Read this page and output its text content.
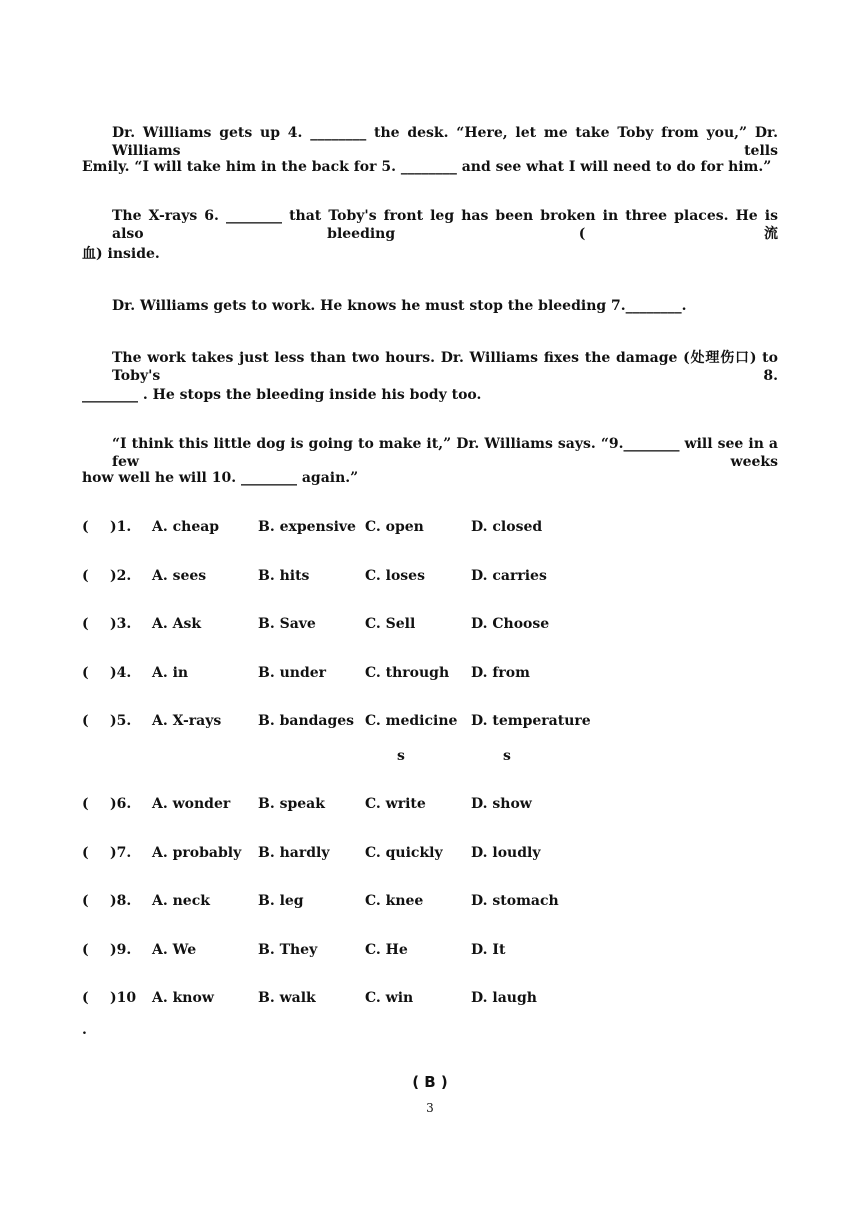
Dr. Williams gets up 4. ________ the desk. “Here, let me take Toby from you,” Dr. Williams tells
Emily. “I will take him in the back for 5. ________ and see what I will need to do for him.”
The X-rays 6. ________ that Toby's front leg has been broken in three places. He is also bleeding (流
血) inside.
Dr. Williams gets to work. He knows he must stop the bleeding 7.________.
The work takes just less than two hours. Dr. Williams fixes the damage (处理伤口) to Toby's 8.
________ . He stops the bleeding inside his body too.
“I think this little dog is going to make it,” Dr. Williams says. “9.________ will see in a few weeks
how well he will 10. ________ again.”
( )1. A. cheap	B. expensive C. open	D. closed
( )2. A. sees	B. hits	C. loses	D. carries
( )3. A. Ask	B. Save	C. Sell	D. Choose
( )4. A. in	B. under	C. through D. from
( )5. A. X-rays	B. bandages C. medicine D. temperature
s	s
( )6. A. wonder B. speak	C. write	D. show
( )7. A. probably B. hardly	C. quickly D. loudly
( )8. A. neck	B. leg	C. knee	D. stomach
( )9. A. We	B. They	C. He	D. It
( )10 A. know	B. walk	C. win	D. laugh
.
( B )
3
